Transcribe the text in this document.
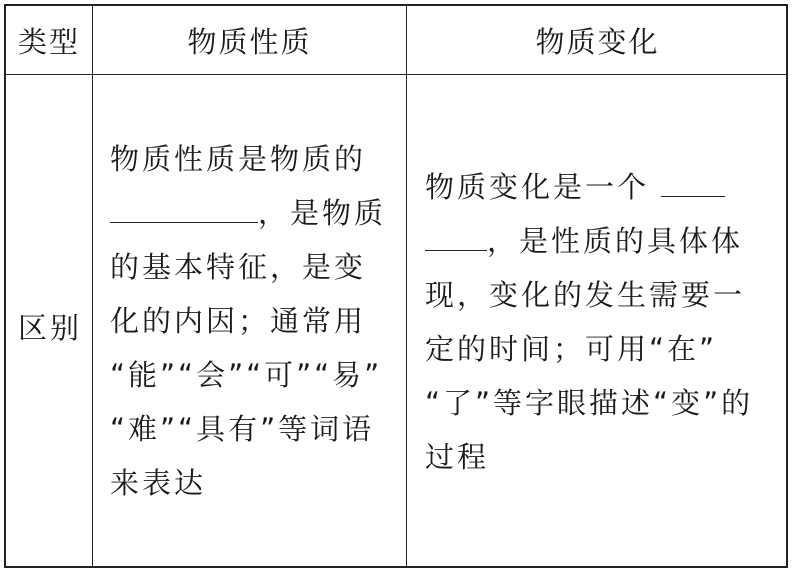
类型	物质性质	物质变化
区别
物质性质是物质的
，是物质
的基本特征，是变
化的内因；通常用
“能”“会”“可”“易”
“难”“具有”等词语
来表达
物质变化是一个
，是性质的具体体
现，变化的发生需要一
定的时间；可用“在”
“了”等字眼描述“变”的
过程
